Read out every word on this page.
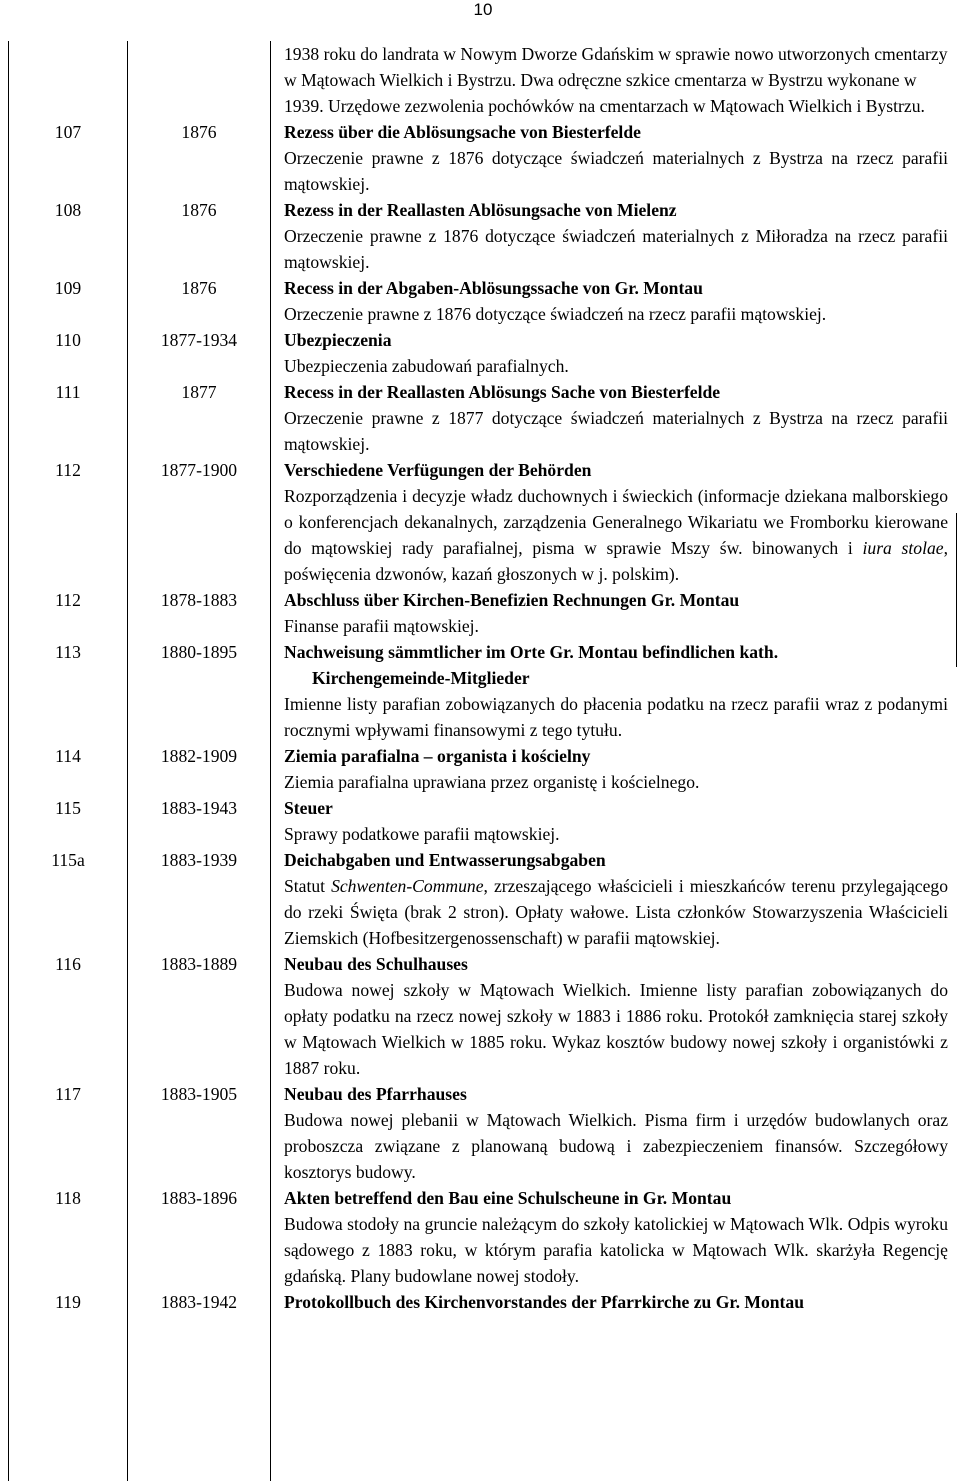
10
1938 roku do landrata w Nowym Dworze Gdańskim w sprawie nowo utworzonych cmentarzy w Mątowach Wielkich i Bystrzu. Dwa odręczne szkice cmentarza w Bystrzu wykonane w 1939. Urzędowe zezwolenia pochówków na cmentarzach w Mątowach Wielkich i Bystrzu.
107	1876	Rezess über die Ablösungsache von Biesterfelde
Orzeczenie prawne z 1876 dotyczące świadczeń materialnych z Bystrza na rzecz parafii mątowskiej.
108	1876	Rezess in der Reallasten Ablösungsache von Mielenz
Orzeczenie prawne z 1876 dotyczące świadczeń materialnych z Miłoradza na rzecz parafii mątowskiej.
109	1876	Recess in der Abgaben-Ablösungssache von Gr. Montau
Orzeczenie prawne z 1876 dotyczące świadczeń na rzecz parafii mątowskiej.
110	1877-1934	Ubezpieczenia
Ubezpieczenia zabudowań parafialnych.
111	1877	Recess in der Reallasten Ablösungs Sache von Biesterfelde
Orzeczenie prawne z 1877 dotyczące świadczeń materialnych z Bystrza na rzecz parafii mątowskiej.
112	1877-1900	Verschiedene Verfügungen der Behörden
Rozporządzenia i decyzje władz duchownych i świeckich (informacje dziekana malborskiego o konferencjach dekanalnych, zarządzenia Generalnego Wikariatu we Fromborku kierowane do mątowskiej rady parafialnej, pisma w sprawie Mszy św. binowanych i iura stolae, poświęcenia dzwonów, kazań głoszonych w j. polskim).
112	1878-1883	Abschluss über Kirchen-Benefizien Rechnungen Gr. Montau
Finanse parafii mątowskiej.
113	1880-1895	Nachweisung sämmtlicher im Orte Gr. Montau befindlichen kath.
Kirchengemeinde-Mitglieder
Imienne listy parafian zobowiązanych do płacenia podatku na rzecz parafii wraz z podanymi rocznymi wpływami finansowymi z tego tytułu.
114	1882-1909	Ziemia parafialna – organista i kościelny
Ziemia parafialna uprawiana przez organistę i kościelnego.
115	1883-1943	Steuer
Sprawy podatkowe parafii mątowskiej.
115a	1883-1939	Deichabgaben und Entwasserungsabgaben
Statut Schwenten-Commune, zrzeszającego właścicieli i mieszkańców terenu przylegającego do rzeki Święta (brak 2 stron). Opłaty wałowe. Lista członków Stowarzyszenia Właścicieli Ziemskich (Hofbesitzergenossenschaft) w parafii mątowskiej.
116	1883-1889	Neubau des Schulhauses
Budowa nowej szkoły w Mątowach Wielkich. Imienne listy parafian zobowiązanych do opłaty podatku na rzecz nowej szkoły w 1883 i 1886 roku. Protokół zamknięcia starej szkoły w Mątowach Wielkich w 1885 roku. Wykaz kosztów budowy nowej szkoły i organistówki z 1887 roku.
117	1883-1905	Neubau des Pfarrhauses
Budowa nowej plebanii w Mątowach Wielkich. Pisma firm i urzędów budowlanych oraz proboszcza związane z planowaną budową i zabezpieczeniem finansów. Szczegółowy kosztorys budowy.
118	1883-1896	Akten betreffend den Bau eine Schulscheune in Gr. Montau
Budowa stodoły na gruncie należącym do szkoły katolickiej w Mątowach Wlk. Odpis wyroku sądowego z 1883 roku, w którym parafia katolicka w Mątowach Wlk. skarżyła Regencję gdańską. Plany budowlane nowej stodoły.
119	1883-1942	Protokollbuch des Kirchenvorstandes der Pfarrkirche zu Gr. Montau
